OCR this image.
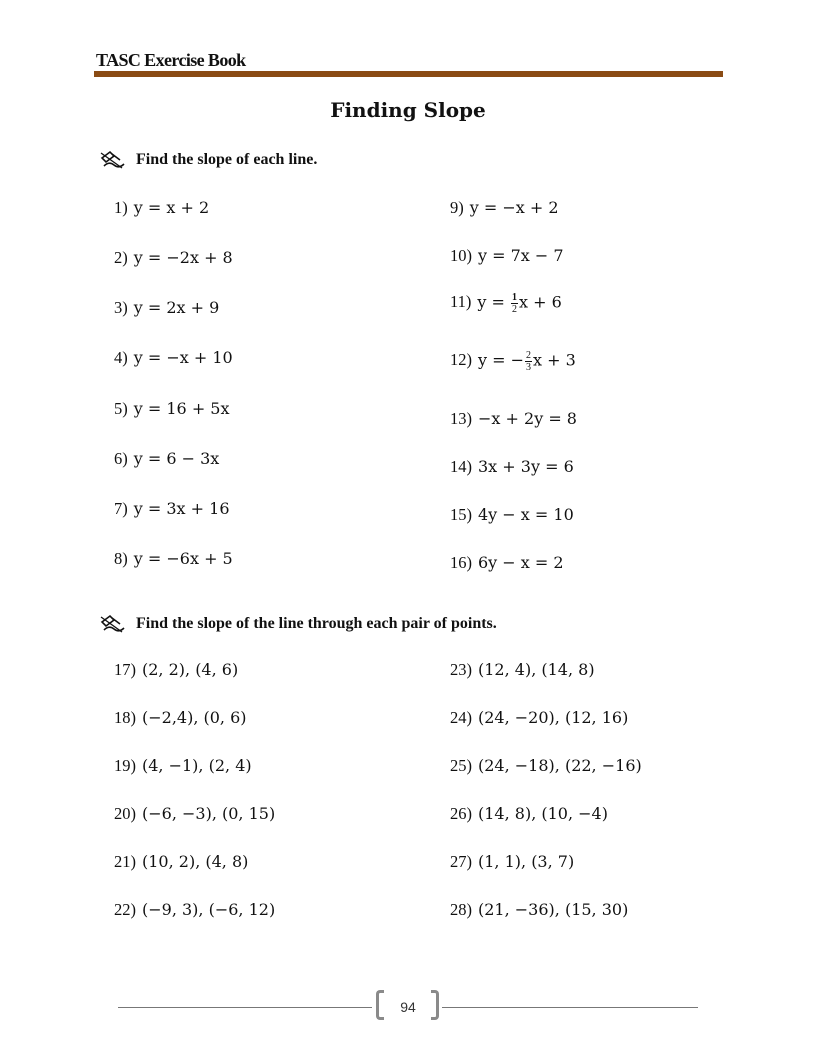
TASC Exercise Book
Finding Slope
Find the slope of each line.
1) y = x + 2
2) y = −2x + 8
3) y = 2x + 9
4) y = −x + 10
5) y = 16 + 5x
6) y = 6 − 3x
7) y = 3x + 16
8) y = −6x + 5
9) y = −x + 2
10) y = 7x − 7
11) $y = \frac{1}{2}$ x + 6
12) y = − $\frac{2}{3}$ x + 3
13) −x + 2y = 8
14) 3x + 3y = 6
15) 4y − x = 10
16) 6y − x = 2
Find the slope of the line through each pair of points.
17) (2, 2), (4, 6)
18) (−2,4), (0, 6)
19) (4, −1), (2, 4)
20) (−6, −3), (0, 15)
21) (10, 2), (4, 8)
22) (−9, 3), (−6, 12)
23) (12, 4), (14, 8)
24) (24, −20), (12, 16)
25) (24, −18), (22, −16)
26) (14, 8), (10, −4)
27) (1, 1), (3, 7)
28) (21, −36), (15, 30)
94
